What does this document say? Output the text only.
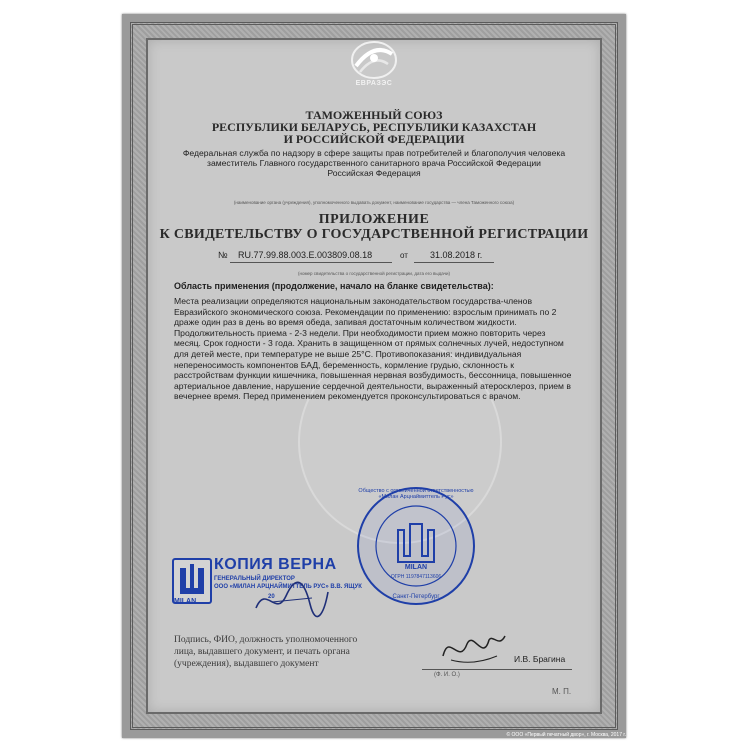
ЕВРАЗЭС
ТАМОЖЕННЫЙ СОЮЗ
РЕСПУБЛИКИ БЕЛАРУСЬ, РЕСПУБЛИКИ КАЗАХСТАН
И РОССИЙСКОЙ ФЕДЕРАЦИИ
Федеральная служба по надзору в сфере защиты прав потребителей и благополучия человека
заместитель Главного государственного санитарного врача Российской Федерации
Российская Федерация
(наименование органа (учреждения), уполномоченного выдавать документ, наименование государства — члена Таможенного союза)
ПРИЛОЖЕНИЕ
К СВИДЕТЕЛЬСТВУ О ГОСУДАРСТВЕННОЙ РЕГИСТРАЦИИ
№ RU.77.99.88.003.Е.003809.08.18	от 31.08.2018 г.
(номер свидетельства о государственной регистрации, дата его выдачи)
Область применения (продолжение, начало на бланке свидетельства):
Места реализации определяются национальным законодательством государства-членов Евразийского экономического союза. Рекомендации по применению: взрослым принимать по 2 драже один раз в день во время обеда, запивая достаточным количеством жидкости. Продолжительность приема - 2-3 недели. При необходимости прием можно повторить через месяц. Срок годности - 3 года. Хранить в защищенном от прямых солнечных лучей, недоступном для детей месте, при температуре не выше 25°С. Противопоказания: индивидуальная непереносимость компонентов БАД, беременность, кормление грудью, склонность к расстройствам функции кишечника, повышенная нервная возбудимость, бессонница, повышенное артериальное давление, нарушение сердечной деятельности, выраженный атеросклероз, прием в вечернее время. Перед применением рекомендуется проконсультироваться с врачом.
Общество с ограниченной ответственностью «Милан Арцнаймиттель Рус»
MILAN
ОГРН 1197847113606
Санкт-Петербург
MILAN
КОПИЯ ВЕРНА
ГЕНЕРАЛЬНЫЙ ДИРЕКТОР
ООО «МИЛАН АРЦНАЙМИТТЕЛЬ РУС» В.В. ЯЩУК
20
Подпись, ФИО, должность уполномоченного лица, выдавшего документ, и печать органа (учреждения), выдавшего документ	И.В. Брагина
(Ф. И. О.)
М. П.
© ООО «Первый печатный двор», г. Москва, 2017 г.
